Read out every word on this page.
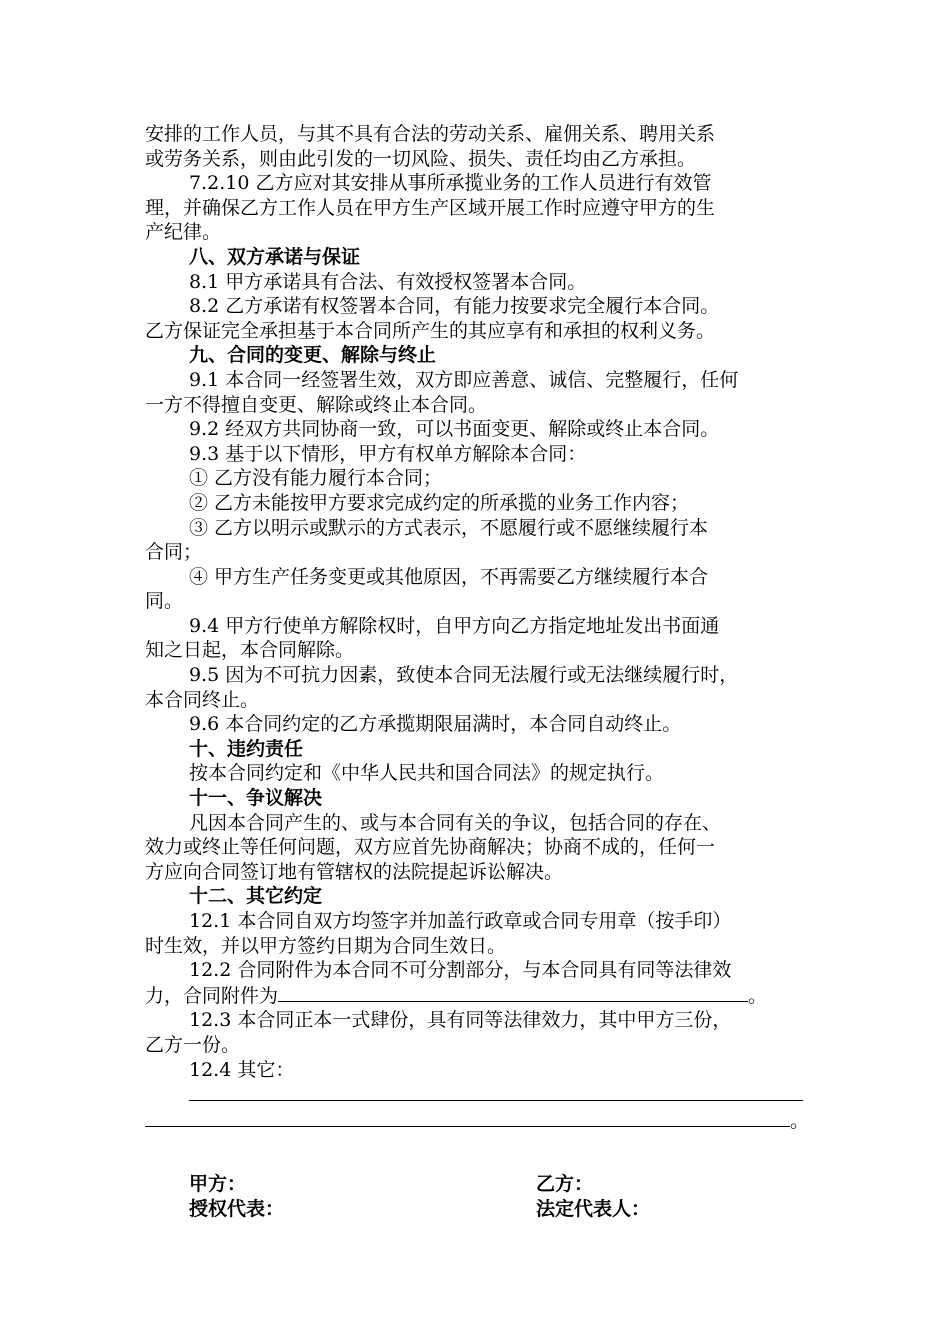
安排的工作人员，与其不具有合法的劳动关系、雇佣关系、聘用关系
或劳务关系，则由此引发的一切风险、损失、责任均由乙方承担。
7.2.10 乙方应对其安排从事所承揽业务的工作人员进行有效管
理，并确保乙方工作人员在甲方生产区域开展工作时应遵守甲方的生
产纪律。
八、双方承诺与保证
8.1 甲方承诺具有合法、有效授权签署本合同。
8.2 乙方承诺有权签署本合同，有能力按要求完全履行本合同。
乙方保证完全承担基于本合同所产生的其应享有和承担的权利义务。
九、合同的变更、解除与终止
9.1 本合同一经签署生效，双方即应善意、诚信、完整履行，任何
一方不得擅自变更、解除或终止本合同。
9.2 经双方共同协商一致，可以书面变更、解除或终止本合同。
9.3 基于以下情形，甲方有权单方解除本合同：
① 乙方没有能力履行本合同；
② 乙方未能按甲方要求完成约定的所承揽的业务工作内容；
③ 乙方以明示或默示的方式表示，不愿履行或不愿继续履行本
合同；
④ 甲方生产任务变更或其他原因，不再需要乙方继续履行本合
同。
9.4 甲方行使单方解除权时，自甲方向乙方指定地址发出书面通
知之日起，本合同解除。
9.5 因为不可抗力因素，致使本合同无法履行或无法继续履行时，
本合同终止。
9.6 本合同约定的乙方承揽期限届满时，本合同自动终止。
十、违约责任
按本合同约定和《中华人民共和国合同法》的规定执行。
十一、争议解决
凡因本合同产生的、或与本合同有关的争议，包括合同的存在、
效力或终止等任何问题，双方应首先协商解决；协商不成的，任何一
方应向合同签订地有管辖权的法院提起诉讼解决。
十二、其它约定
12.1 本合同自双方均签字并加盖行政章或合同专用章（按手印）
时生效，并以甲方签约日期为合同生效日。
12.2 合同附件为本合同不可分割部分，与本合同具有同等法律效
力，合同附件为	。
12.3 本合同正本一式肆份，具有同等法律效力，其中甲方三份，
乙方一份。
12.4 其它：
。
甲方：
授权代表：
乙方：
法定代表人：
